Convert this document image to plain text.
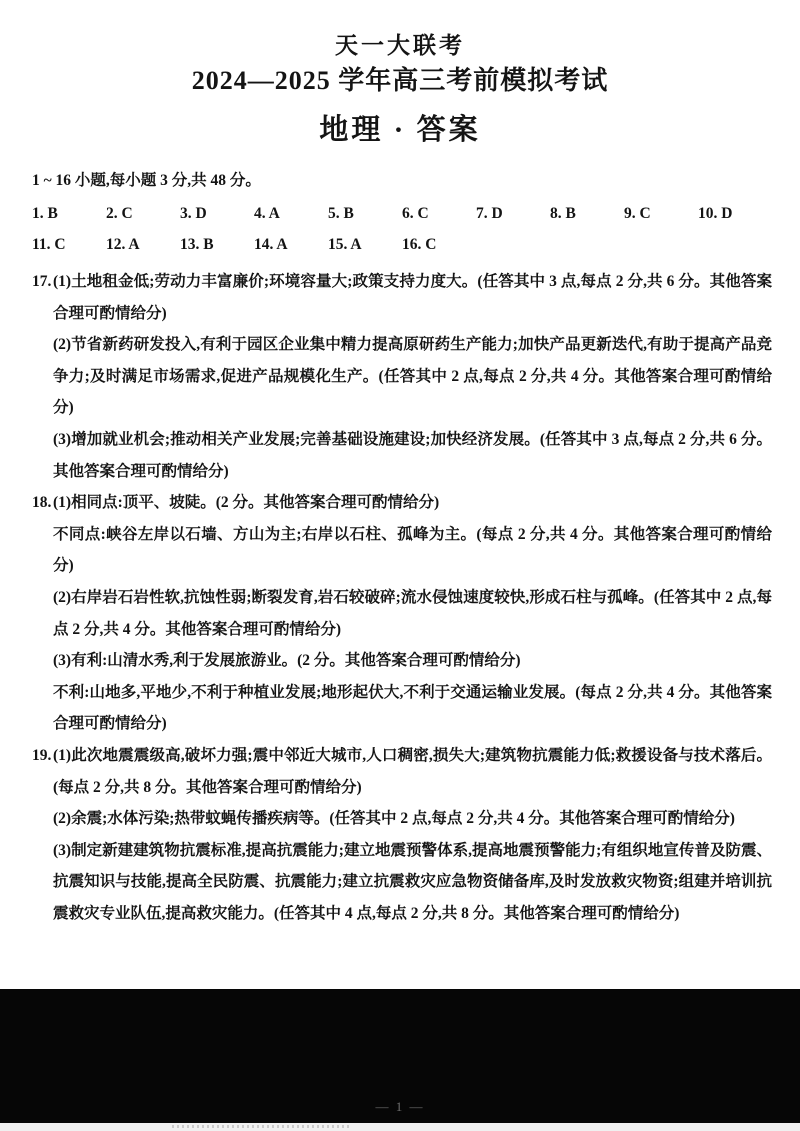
天一大联考
2024—2025 学年高三考前模拟考试
地理 · 答案

1 ~ 16 小题,每小题 3 分,共 48 分。

1. B	2. C	3. D	4. A	5. B	6. C	7. D	8. B	9. C	10. D
11. C	12. A	13. B	14. A	15. A	16. C
17. (1)土地租金低;劳动力丰富廉价;环境容量大;政策支持力度大。(任答其中 3 点,每点 2 分,共 6 分。其他答案合理可酌情给分)

(2)节省新药研发投入,有利于园区企业集中精力提高原研药生产能力;加快产品更新迭代,有助于提高产品竞争力;及时满足市场需求,促进产品规模化生产。(任答其中 2 点,每点 2 分,共 4 分。其他答案合理可酌情给分)

(3)增加就业机会;推动相关产业发展;完善基础设施建设;加快经济发展。(任答其中 3 点,每点 2 分,共 6 分。其他答案合理可酌情给分)

18. (1)相同点:顶平、坡陡。(2 分。其他答案合理可酌情给分)

不同点:峡谷左岸以石墙、方山为主;右岸以石柱、孤峰为主。(每点 2 分,共 4 分。其他答案合理可酌情给分)

(2)右岸岩石岩性软,抗蚀性弱;断裂发育,岩石较破碎;流水侵蚀速度较快,形成石柱与孤峰。(任答其中 2 点,每点 2 分,共 4 分。其他答案合理可酌情给分)

(3)有利:山清水秀,利于发展旅游业。(2 分。其他答案合理可酌情给分)

不利:山地多,平地少,不利于种植业发展;地形起伏大,不利于交通运输业发展。(每点 2 分,共 4 分。其他答案合理可酌情给分)

19. (1)此次地震震级高,破坏力强;震中邻近大城市,人口稠密,损失大;建筑物抗震能力低;救援设备与技术落后。(每点 2 分,共 8 分。其他答案合理可酌情给分)

(2)余震;水体污染;热带蚊蝇传播疾病等。(任答其中 2 点,每点 2 分,共 4 分。其他答案合理可酌情给分)

(3)制定新建建筑物抗震标准,提高抗震能力;建立地震预警体系,提高地震预警能力;有组织地宣传普及防震、抗震知识与技能,提高全民防震、抗震能力;建立抗震救灾应急物资储备库,及时发放救灾物资;组建并培训抗震救灾专业队伍,提高救灾能力。(任答其中 4 点,每点 2 分,共 8 分。其他答案合理可酌情给分)

— 1 —
